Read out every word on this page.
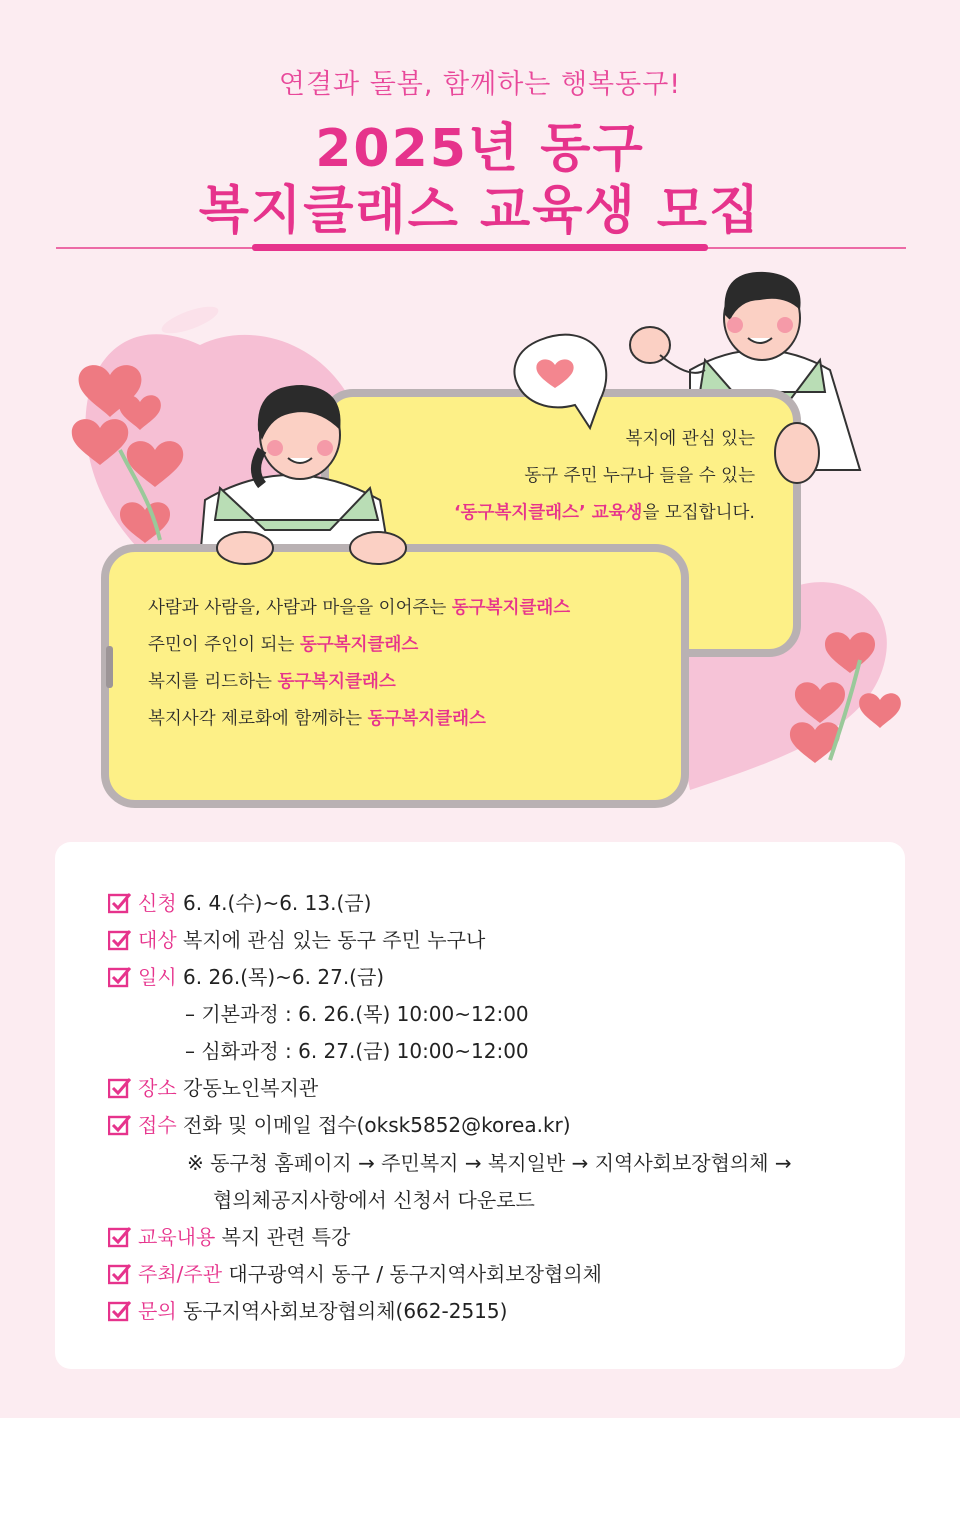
연결과 돌봄, 함께하는 행복동구!
2025년 동구
복지클래스 교육생 모집
복지에 관심 있는
동구 주민 누구나 들을 수 있는
‘동구복지클래스’ 교육생을 모집합니다.
사람과 사람을, 사람과 마을을 이어주는 동구복지클래스
주민이 주인이 되는 동구복지클래스
복지를 리드하는 동구복지클래스
복지사각 제로화에 함께하는 동구복지클래스
신청 6. 4.(수)~6. 13.(금)
대상 복지에 관심 있는 동구 주민 누구나
일시 6. 26.(목)~6. 27.(금)
– 기본과정 : 6. 26.(목) 10:00~12:00
– 심화과정 : 6. 27.(금) 10:00~12:00
장소 강동노인복지관
접수 전화 및 이메일 접수(oksk5852@korea.kr)
※ 동구청 홈페이지 → 주민복지 → 복지일반 → 지역사회보장협의체 →
협의체공지사항에서 신청서 다운로드
교육내용 복지 관련 특강
주최/주관 대구광역시 동구 / 동구지역사회보장협의체
문의 동구지역사회보장협의체(662-2515)
